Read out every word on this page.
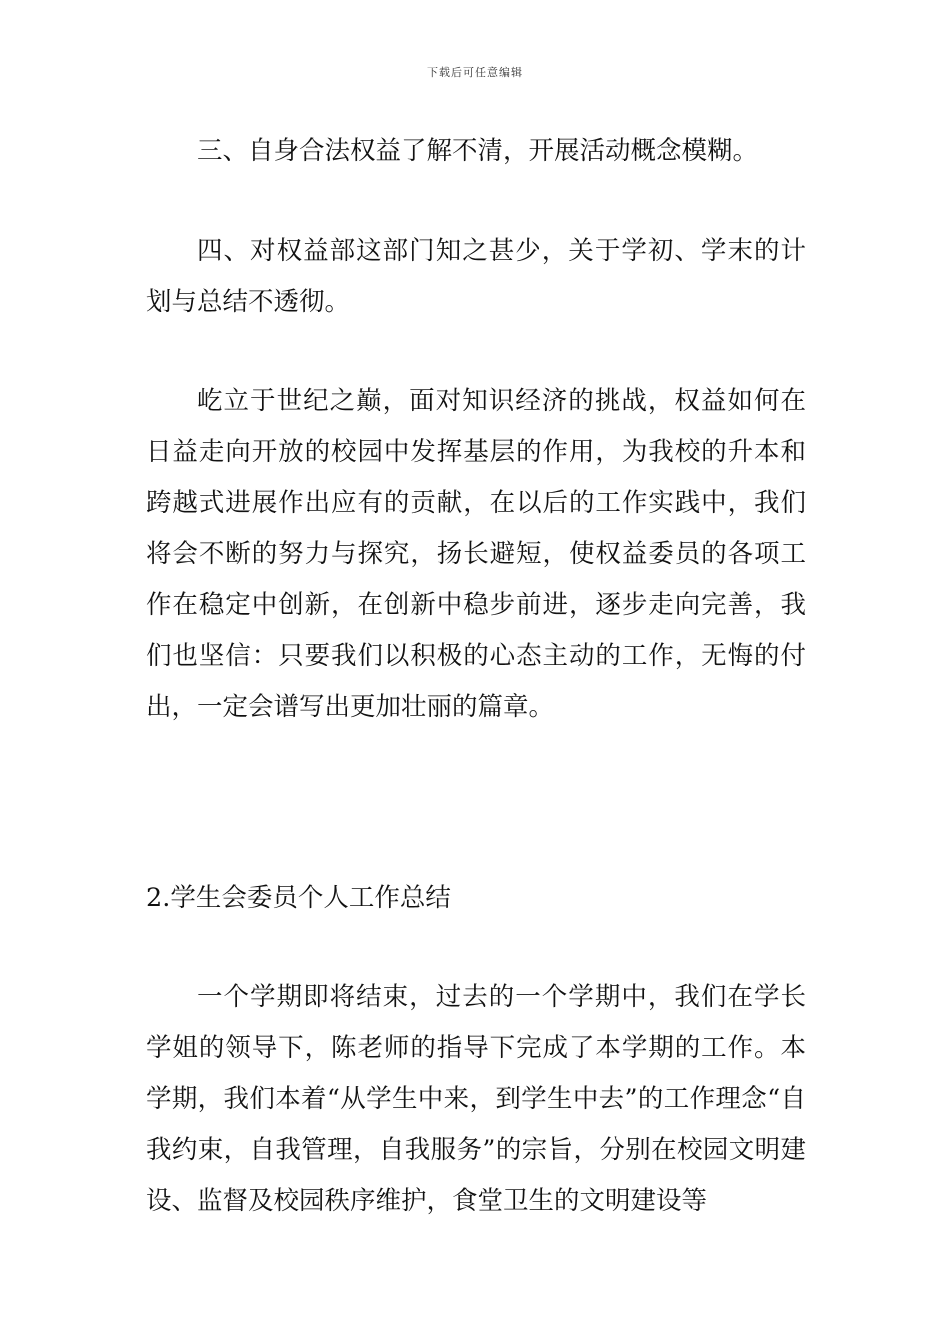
下载后可任意编辑

三、自身合法权益了解不清，开展活动概念模糊。

四、对权益部这部门知之甚少，关于学初、学末的计划与总结不透彻。

屹立于世纪之巅，面对知识经济的挑战，权益如何在日益走向开放的校园中发挥基层的作用，为我校的升本和跨越式进展作出应有的贡献，在以后的工作实践中，我们将会不断的努力与探究，扬长避短，使权益委员的各项工作在稳定中创新，在创新中稳步前进，逐步走向完善，我们也坚信：只要我们以积极的心态主动的工作，无悔的付出，一定会谱写出更加壮丽的篇章。

2.学生会委员个人工作总结

一个学期即将结束，过去的一个学期中，我们在学长学姐的领导下，陈老师的指导下完成了本学期的工作。本学期，我们本着“从学生中来，到学生中去”的工作理念“自我约束，自我管理，自我服务”的宗旨，分别在校园文明建设、监督及校园秩序维护，食堂卫生的文明建设等
